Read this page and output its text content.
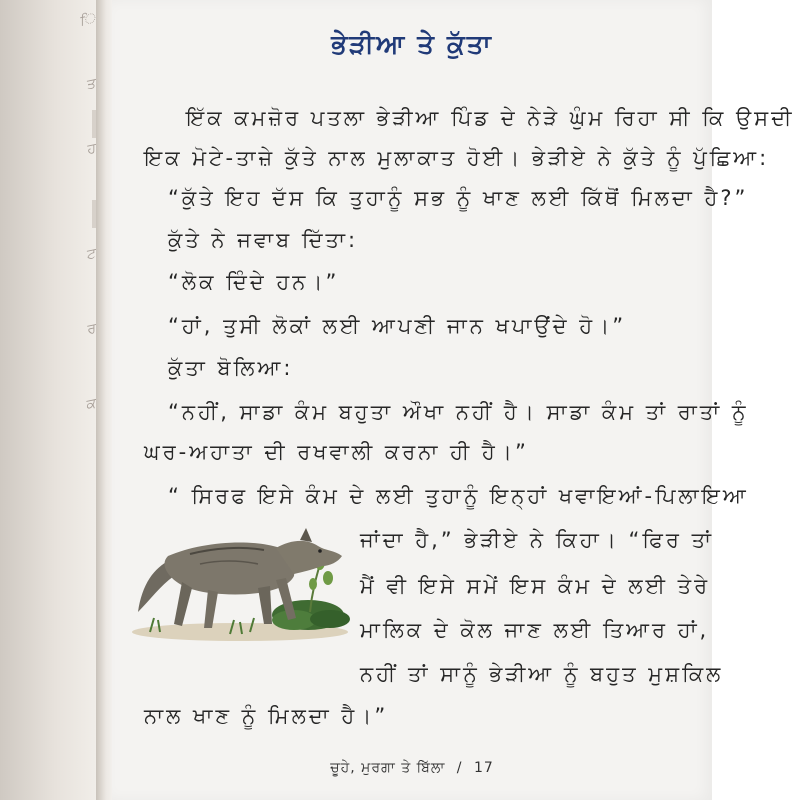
ਿ
ਤ
ਹ
ਟ
ਰ
ਕ
ਭੇੜੀਆ ਤੇ ਕੁੱਤਾ
ਇੱਕ ਕਮਜ਼ੋਰ ਪਤਲਾ ਭੇੜੀਆ ਪਿੰਡ ਦੇ ਨੇੜੇ ਘੁੰਮ ਰਿਹਾ ਸੀ ਕਿ ਉਸਦੀ
ਇਕ ਮੋਟੇ-ਤਾਜ਼ੇ ਕੁੱਤੇ ਨਾਲ ਮੁਲਾਕਾਤ ਹੋਈ। ਭੇੜੀਏ ਨੇ ਕੁੱਤੇ ਨੂੰ ਪੁੱਛਿਆ:
“ਕੁੱਤੇ ਇਹ ਦੱਸ ਕਿ ਤੁਹਾਨੂੰ ਸਭ ਨੂੰ ਖਾਣ ਲਈ ਕਿੱਥੋਂ ਮਿਲਦਾ ਹੈ?”
ਕੁੱਤੇ ਨੇ ਜਵਾਬ ਦਿੱਤਾ:
“ਲੋਕ ਦਿੰਦੇ ਹਨ।”
“ਹਾਂ, ਤੁਸੀ ਲੋਕਾਂ ਲਈ ਆਪਣੀ ਜਾਨ ਖਪਾਉਂਦੇ ਹੋ।”
ਕੁੱਤਾ ਬੋਲਿਆ:
“ਨਹੀਂ, ਸਾਡਾ ਕੰਮ ਬਹੁਤਾ ਔਖਾ ਨਹੀਂ ਹੈ। ਸਾਡਾ ਕੰਮ ਤਾਂ ਰਾਤਾਂ ਨੂੰ
ਘਰ-ਅਹਾਤਾ ਦੀ ਰਖਵਾਲੀ ਕਰਨਾ ਹੀ ਹੈ।”
“ ਸਿਰਫ ਇਸੇ ਕੰਮ ਦੇ ਲਈ ਤੁਹਾਨੂੰ ਇਨ੍ਹਾਂ ਖਵਾਇਆਂ-ਪਿਲਾਇਆ
ਜਾਂਦਾ ਹੈ,” ਭੇੜੀਏ ਨੇ ਕਿਹਾ। “ਫਿਰ ਤਾਂ
ਮੈਂ ਵੀ ਇਸੇ ਸਮੇਂ ਇਸ ਕੰਮ ਦੇ ਲਈ ਤੇਰੇ
ਮਾਲਿਕ ਦੇ ਕੋਲ ਜਾਣ ਲਈ ਤਿਆਰ ਹਾਂ,
ਨਹੀਂ ਤਾਂ ਸਾਨੂੰ ਭੇੜੀਆ ਨੂੰ ਬਹੁਤ ਮੁਸ਼ਕਿਲ
ਨਾਲ ਖਾਣ ਨੂੰ ਮਿਲਦਾ ਹੈ।”
ਚੂਹੇ, ਮੁਰਗਾ ਤੇ ਬਿੱਲਾ / 17
